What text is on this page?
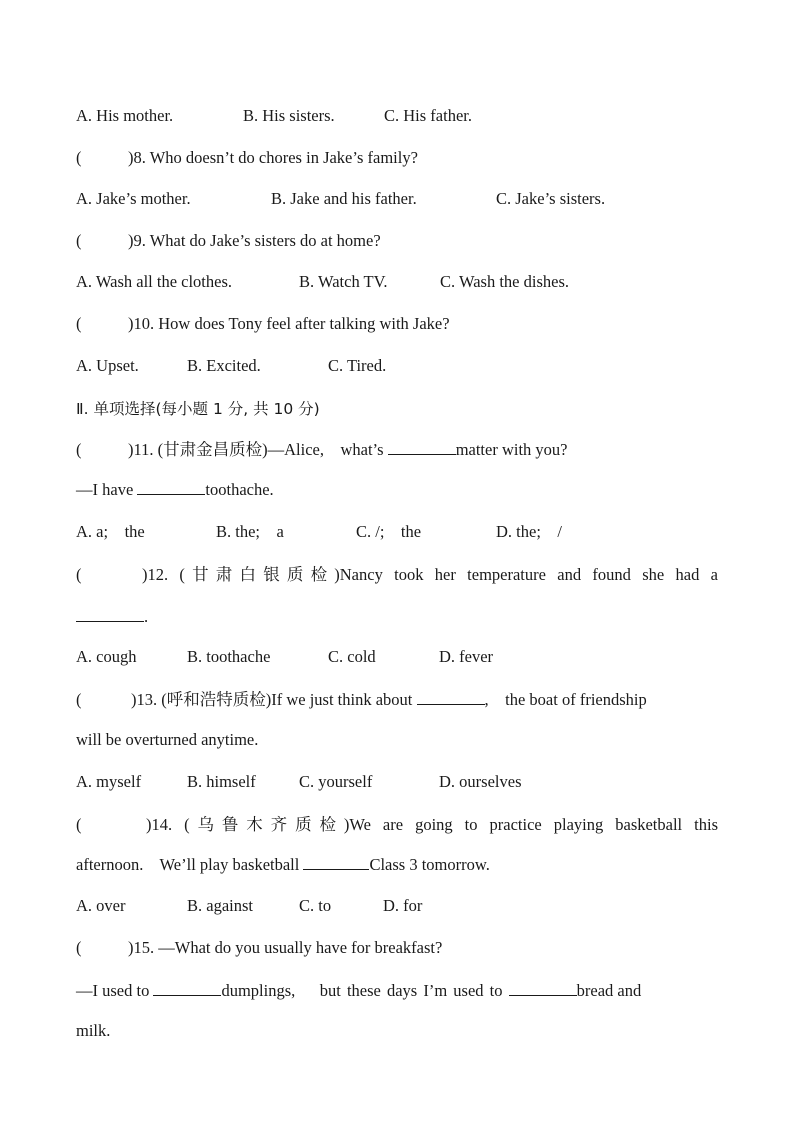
A. His mother.	B. His sisters.	C. His father.
(	)8. Who doesn’t do chores in Jake’s family?
A. Jake’s mother.	B. Jake and his father.	C. Jake’s sisters.
(	)9. What do Jake’s sisters do at home?
A. Wash all the clothes.	B. Watch TV.	C. Wash the dishes.
(	)10. How does Tony feel after talking with Jake?
A. Upset.	B. Excited.	C. Tired.
Ⅱ. 单项选择(每小题 1 分, 共 10 分)
(	)11. (甘肃金昌质检)—Alice,    what’s	matter with you?
—I have	toothache.
A. a;    the	B. the;    a	C. /;    the	D. the;    /
(	)12. (甘肃白银质检)Nancy took her temperature and found she had a
.
A. cough	B. toothache	C. cold	D. fever
(	)13. (呼和浩特质检)If we just think about	,    the boat of friendship
will be overturned anytime.
A. myself	B. himself	C. yourself	D. ourselves
(	)14. (乌鲁木齐质检)We are going to practice playing basketball this
afternoon.    We’ll play basketball	Class 3 tomorrow.
A. over	B. against	C. to	D. for
(	)15. —What do you usually have for breakfast?
—I used to	dumplings,    but these days I’m used to	bread and
milk.
